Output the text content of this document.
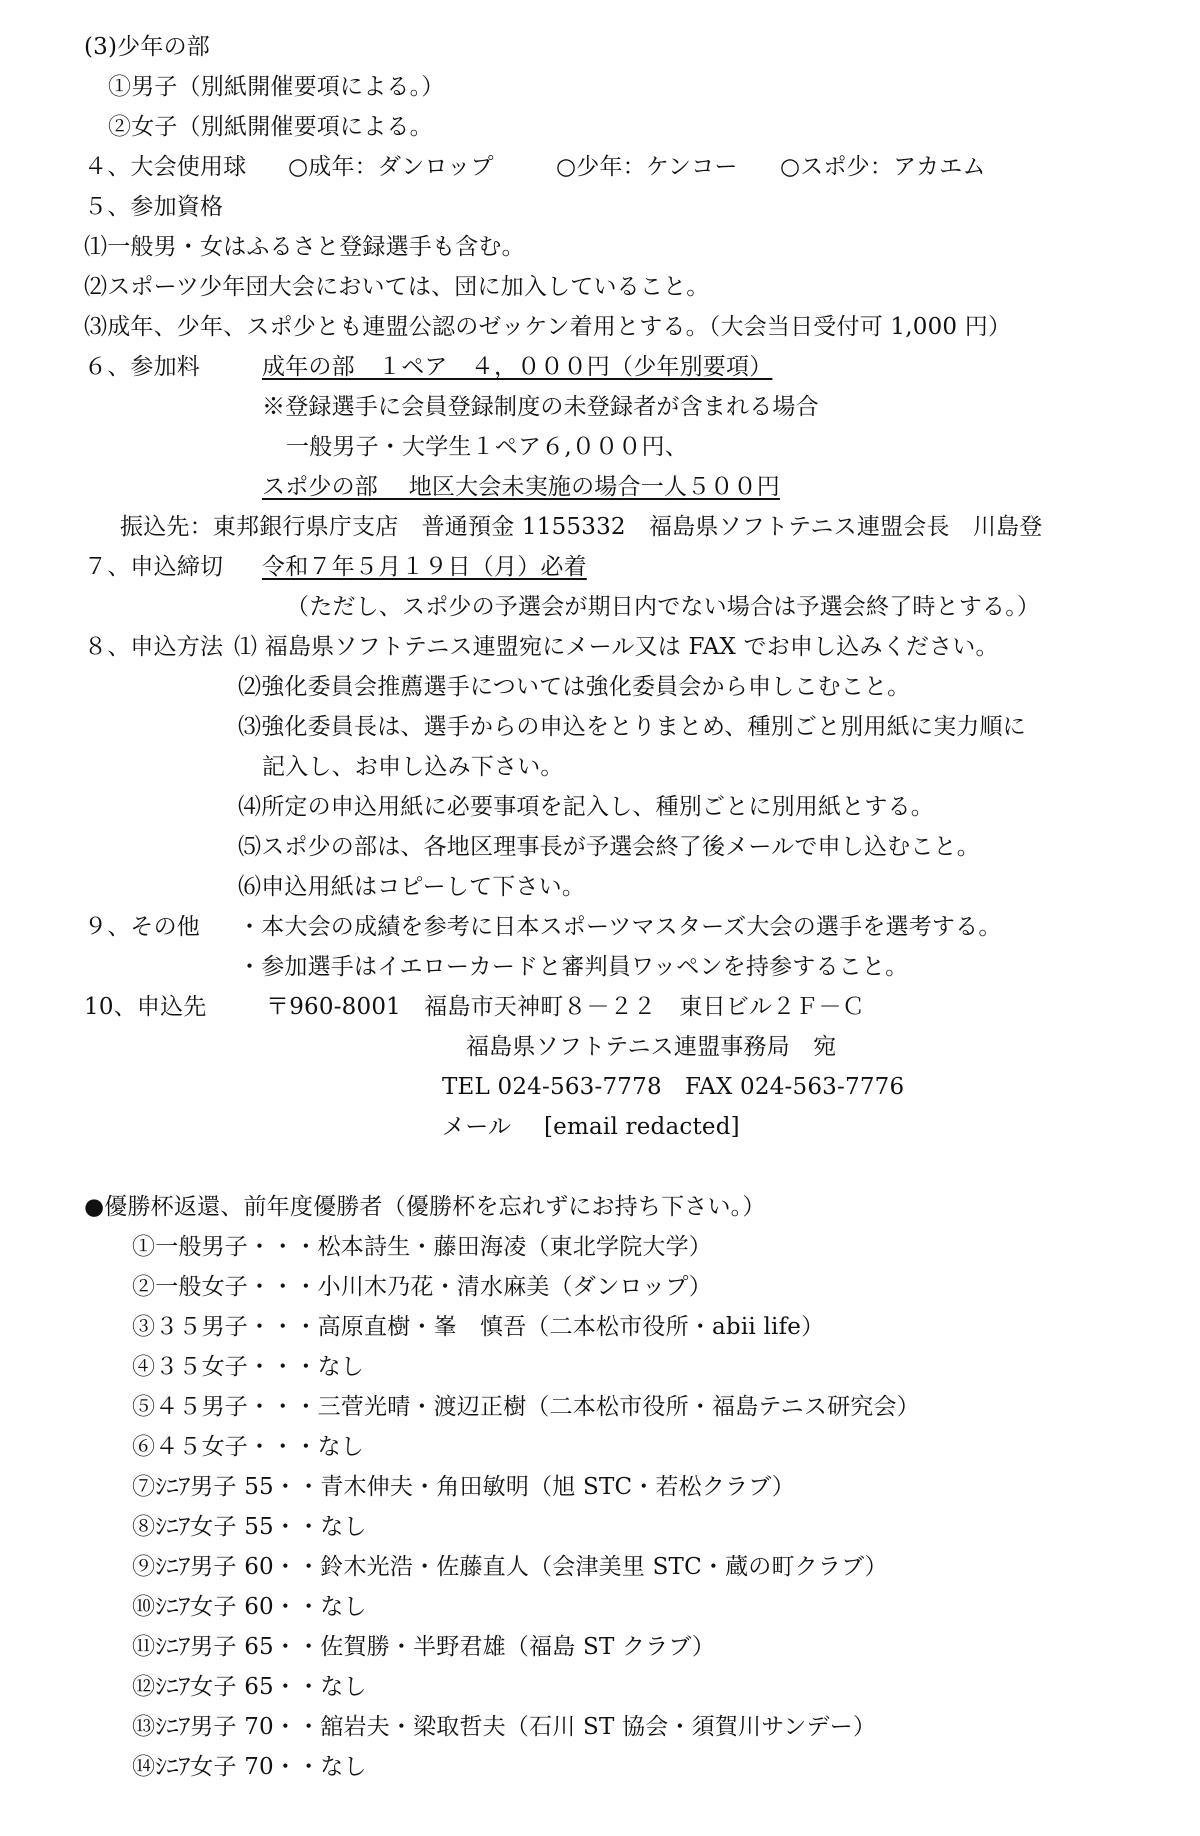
(3)少年の部
①男子（別紙開催要項による。）
②女子（別紙開催要項による。
４、大会使用球 ○成年：ダンロップ	○少年：ケンコー ○スポ少：アカエム
５、参加資格
⑴一般男・女はふるさと登録選手も含む。
⑵スポーツ少年団大会においては、団に加入していること。
⑶成年、少年、スポ少とも連盟公認のゼッケン着用とする。（大会当日受付可 1,000 円）
６、参加料	成年の部　１ペア　４，０００円（少年別要項）
※登録選手に会員登録制度の未登録者が含まれる場合
一般男子・大学生１ペア６,０００円、
スポ少の部　 地区大会未実施の場合一人５００円
振込先：東邦銀行県庁支店　普通預金 1155332　福島県ソフトテニス連盟会長　川島登
７、申込締切 令和７年５月１９日（月）必着
（ただし、スポ少の予選会が期日内でない場合は予選会終了時とする。）
８、申込方法 ⑴ 福島県ソフトテニス連盟宛にメール又は FAX でお申し込みください。
⑵強化委員会推薦選手については強化委員会から申しこむこと。
⑶強化委員長は、選手からの申込をとりまとめ、種別ごと別用紙に実力順に
記入し、お申し込み下さい。
⑷所定の申込用紙に必要事項を記入し、種別ごとに別用紙とする。
⑸スポ少の部は、各地区理事長が予選会終了後メールで申し込むこと。
⑹申込用紙はコピーして下さい。
９、その他 ・本大会の成績を参考に日本スポーツマスターズ大会の選手を選考する。
・参加選手はイエローカードと審判員ワッペンを持参すること。
10、申込先	〒960-8001　福島市天神町８－２２　東日ビル２Ｆ－Ｃ
福島県ソフトテニス連盟事務局　宛
TEL 024-563-7778　FAX 024-563-7776
メール [email redacted]
●優勝杯返還、前年度優勝者（優勝杯を忘れずにお持ち下さい。）
①一般男子・・・松本詩生・藤田海凌（東北学院大学）
②一般女子・・・小川木乃花・清水麻美（ダンロップ）
③３５男子・・・高原直樹・峯　慎吾（二本松市役所・abii life）
④３５女子・・・なし
⑤４５男子・・・三菅光晴・渡辺正樹（二本松市役所・福島テニス研究会）
⑥４５女子・・・なし
⑦ｼﾆｱ男子 55・・青木伸夫・角田敏明（旭 STC・若松クラブ）
⑧ｼﾆｱ女子 55・・なし
⑨ｼﾆｱ男子 60・・鈴木光浩・佐藤直人（会津美里 STC・蔵の町クラブ）
⑩ｼﾆｱ女子 60・・なし
⑪ｼﾆｱ男子 65・・佐賀勝・半野君雄（福島 ST クラブ）
⑫ｼﾆｱ女子 65・・なし
⑬ｼﾆｱ男子 70・・舘岩夫・梁取哲夫（石川 ST 協会・須賀川サンデー）
⑭ｼﾆｱ女子 70・・なし
